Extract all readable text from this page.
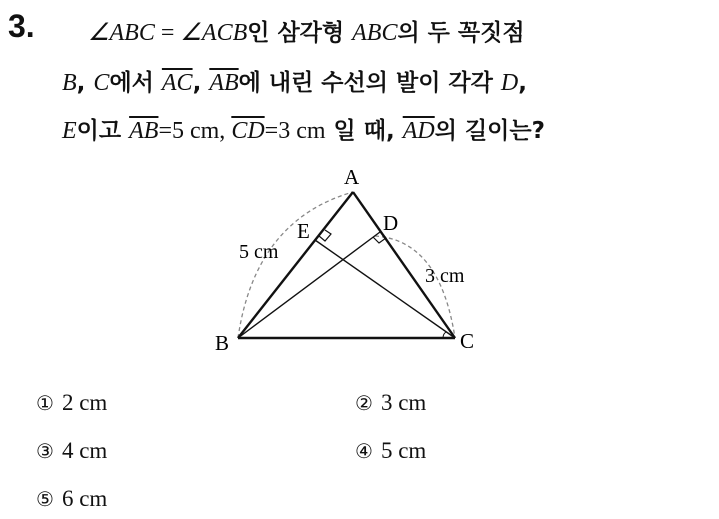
3. ∠ABC = ∠ACB인 삼각형 ABC의 두 꼭짓점
B, C에서 $\overline{AC}$, $\overline{AB}$에 내린 수선의 발이 각각 D,
E이고 $\overline{AB}=5$ cm, $\overline{CD}=3$ cm 일 때, $\overline{AD}$의 길이는?
A
B	C
D
E
5 cm
3 cm
① 2 cm	② 3 cm
③ 4 cm	④ 5 cm
⑤ 6 cm
